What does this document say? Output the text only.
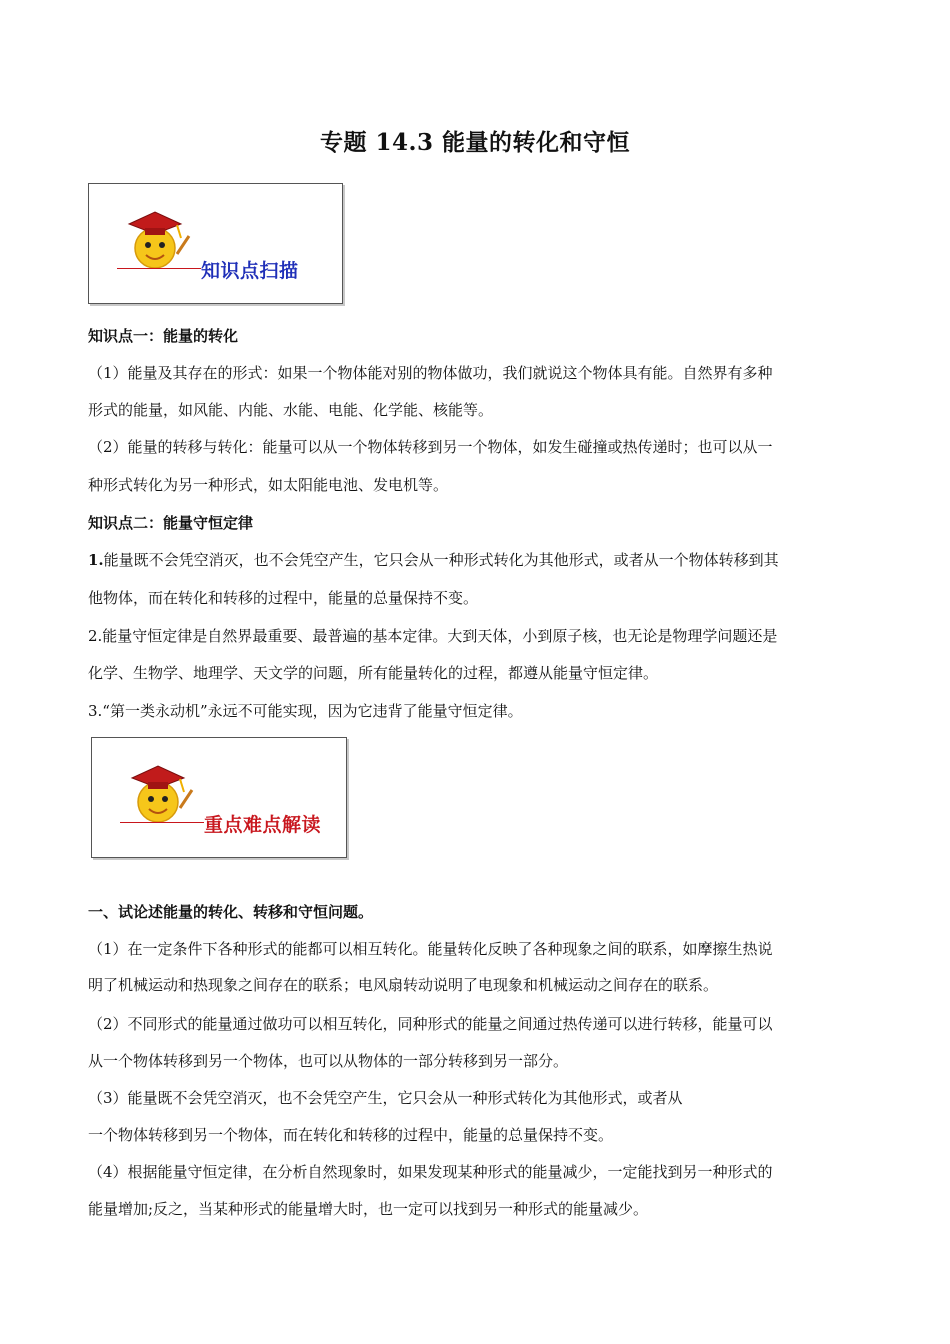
专题 14.3 能量的转化和守恒
知识点扫描
知识点一：能量的转化
（1）能量及其存在的形式：如果一个物体能对别的物体做功，我们就说这个物体具有能。自然界有多种
形式的能量，如风能、内能、水能、电能、化学能、核能等。
（2）能量的转移与转化：能量可以从一个物体转移到另一个物体，如发生碰撞或热传递时；也可以从一
种形式转化为另一种形式，如太阳能电池、发电机等。
知识点二：能量守恒定律
1.能量既不会凭空消灭，也不会凭空产生，它只会从一种形式转化为其他形式，或者从一个物体转移到其
他物体，而在转化和转移的过程中，能量的总量保持不变。
2.能量守恒定律是自然界最重要、最普遍的基本定律。大到天体，小到原子核，也无论是物理学问题还是
化学、生物学、地理学、天文学的问题，所有能量转化的过程，都遵从能量守恒定律。
3.“第一类永动机”永远不可能实现，因为它违背了能量守恒定律。
重点难点解读
一、试论述能量的转化、转移和守恒问题。
（1）在一定条件下各种形式的能都可以相互转化。能量转化反映了各种现象之间的联系，如摩擦生热说
明了机械运动和热现象之间存在的联系；电风扇转动说明了电现象和机械运动之间存在的联系。
（2）不同形式的能量通过做功可以相互转化，同种形式的能量之间通过热传递可以进行转移，能量可以
从一个物体转移到另一个物体，也可以从物体的一部分转移到另一部分。
（3）能量既不会凭空消灭，也不会凭空产生，它只会从一种形式转化为其他形式，或者从
一个物体转移到另一个物体，而在转化和转移的过程中，能量的总量保持不变。
（4）根据能量守恒定律，在分析自然现象时，如果发现某种形式的能量减少，一定能找到另一种形式的
能量增加;反之，当某种形式的能量增大时，也一定可以找到另一种形式的能量减少。
